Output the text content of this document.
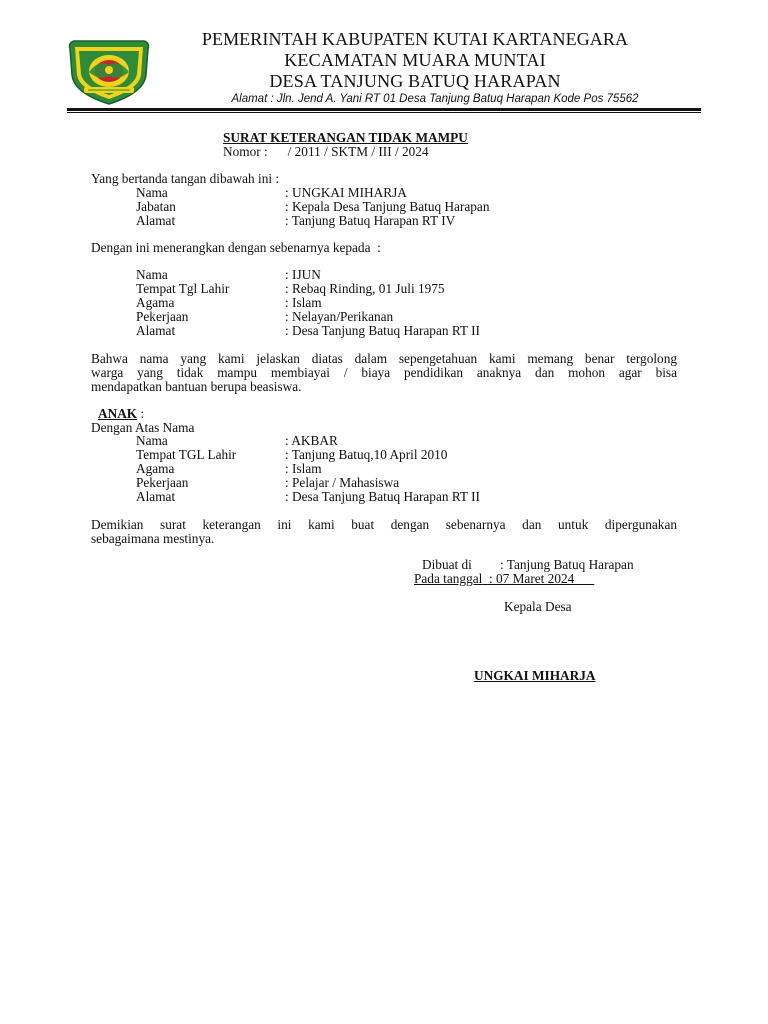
PEMERINTAH KABUPATEN KUTAI KARTANEGARA
KECAMATAN MUARA MUNTAI
DESA TANJUNG BATUQ HARAPAN
Alamat : Jln. Jend A. Yani RT 01 Desa Tanjung Batuq Harapan Kode Pos 75562
SURAT KETERANGAN TIDAK MAMPU
Nomor :      / 2011 / SKTM / III / 2024
Yang bertanda tangan dibawah ini :
Nama	: UNGKAI MIHARJA
Jabatan	: Kepala Desa Tanjung Batuq Harapan
Alamat	: Tanjung Batuq Harapan RT IV
Dengan ini menerangkan dengan sebenarnya kepada  :
Nama	: IJUN
Tempat Tgl Lahir	: Rebaq Rinding, 01 Juli 1975
Agama	: Islam
Pekerjaan	: Nelayan/Perikanan
Alamat	: Desa Tanjung Batuq Harapan RT II
Bahwa nama yang kami jelaskan diatas dalam sepengetahuan kami memang benar tergolong
warga yang tidak mampu membiayai / biaya pendidikan anaknya dan mohon agar bisa
mendapatkan bantuan berupa beasiswa.
ANAK :
Dengan Atas Nama
Nama	: AKBAR
Tempat TGL Lahir	: Tanjung Batuq,10 April 2010
Agama	: Islam
Pekerjaan	: Pelajar / Mahasiswa
Alamat	: Desa Tanjung Batuq Harapan RT II
Demikian surat keterangan ini kami buat dengan sebenarnya dan untuk dipergunakan
sebagaimana mestinya.
Dibuat di : Tanjung Batuq Harapan
Pada tanggal  : 07 Maret 2024
Kepala Desa
UNGKAI MIHARJA
